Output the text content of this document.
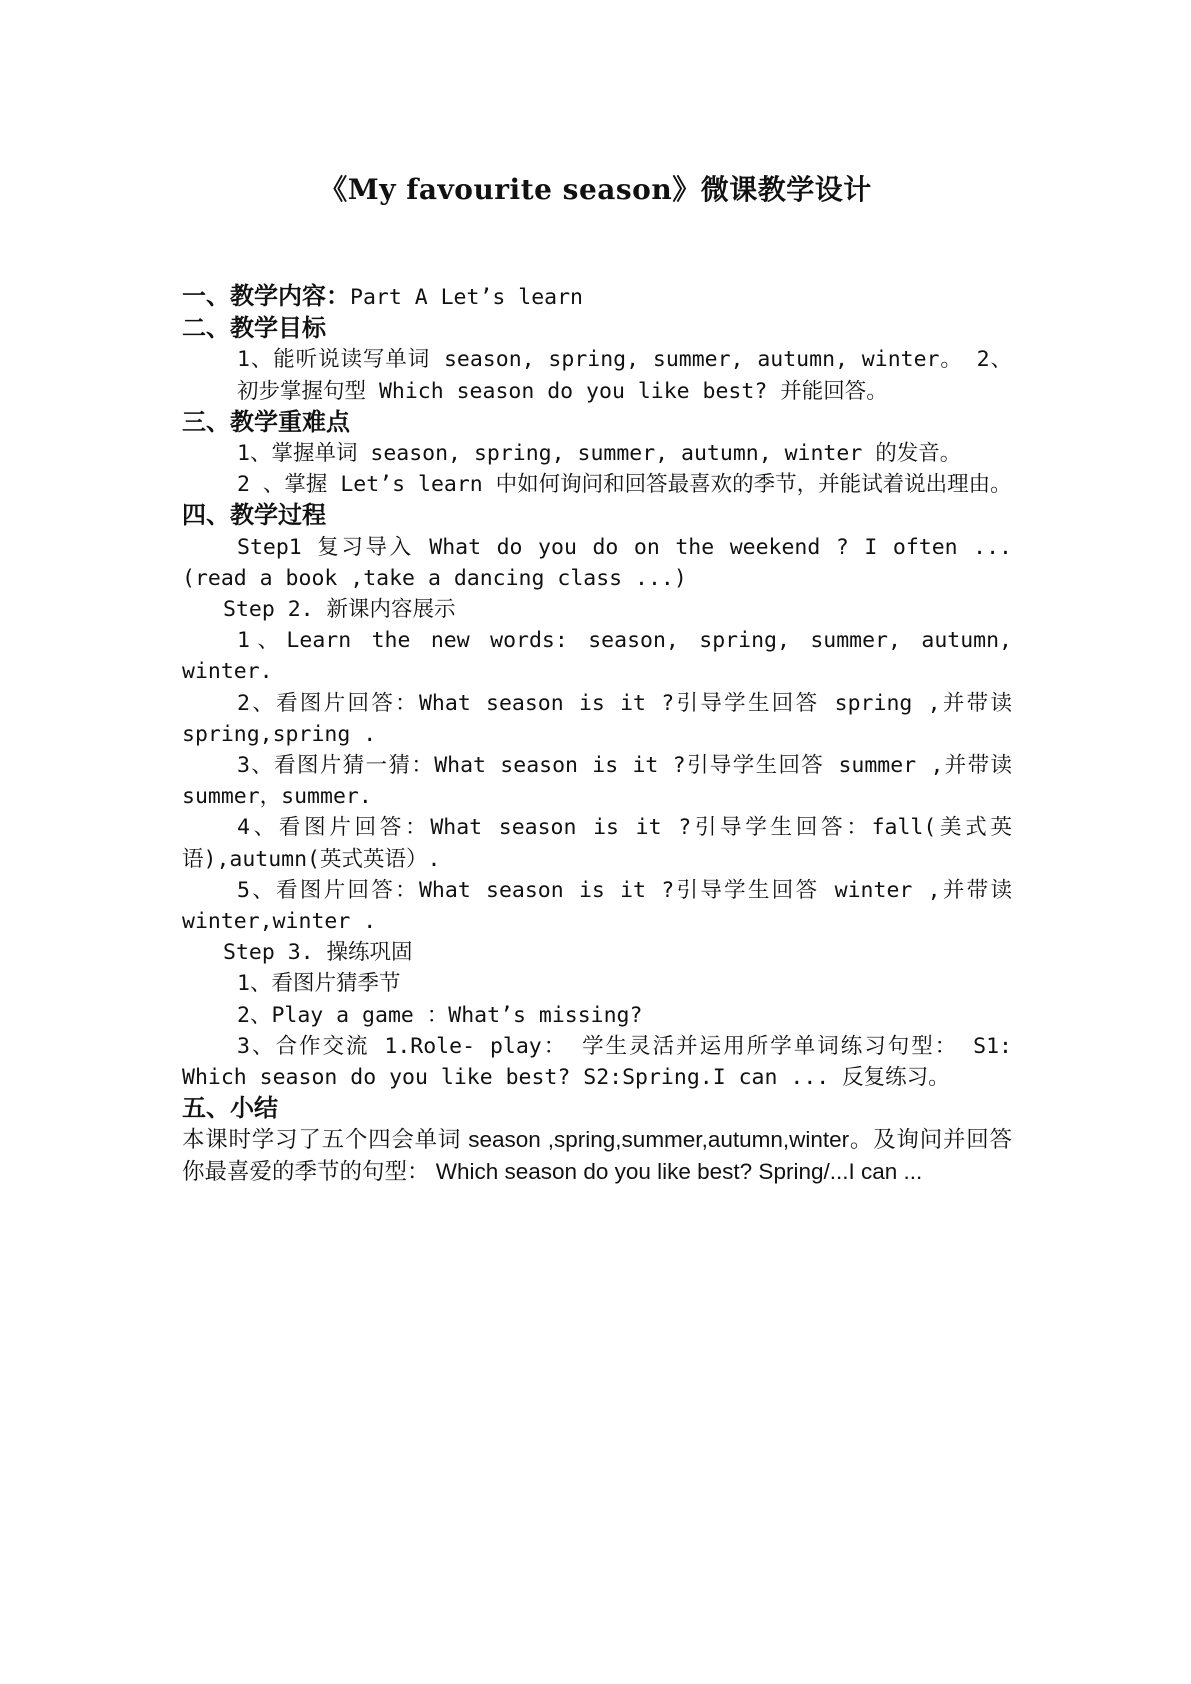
《My favourite season》微课教学设计

一、教学内容：Part A Let’s learn

二、教学目标

1、能听说读写单词 season, spring, summer, autumn, winter。 2、初步掌握句型 Which season do you like best? 并能回答。

三、教学重难点

1、掌握单词 season, spring, summer, autumn, winter 的发音。

2 、掌握 Let’s learn 中如何询问和回答最喜欢的季节，并能试着说出理由。

四、教学过程

Step1 复习导入 What do you do on the weekend ? I often ...(read a book ,take a dancing class ...)

Step 2. 新课内容展示

1、Learn the new words: season, spring, summer, autumn, winter.

2、看图片回答：What season is it ?引导学生回答 spring ,并带读 spring,spring .

3、看图片猜一猜：What season is it ?引导学生回答 summer ,并带读 summer，summer.

4、看图片回答：What season is it ?引导学生回答：fall(美式英语),autumn(英式英语）.

5、看图片回答：What season is it ?引导学生回答 winter ,并带读 winter,winter .

Step 3. 操练巩固

1、看图片猜季节

2、Play a game ：What’s missing?

3、合作交流 1.Role- play： 学生灵活并运用所学单词练习句型： S1: Which season do you like best? S2:Spring.I can ... 反复练习。

五、小结

本课时学习了五个四会单词 season ,spring,summer,autumn,winter。及询问并回答你最喜爱的季节的句型： Which season do you like best? Spring/...I can ...
